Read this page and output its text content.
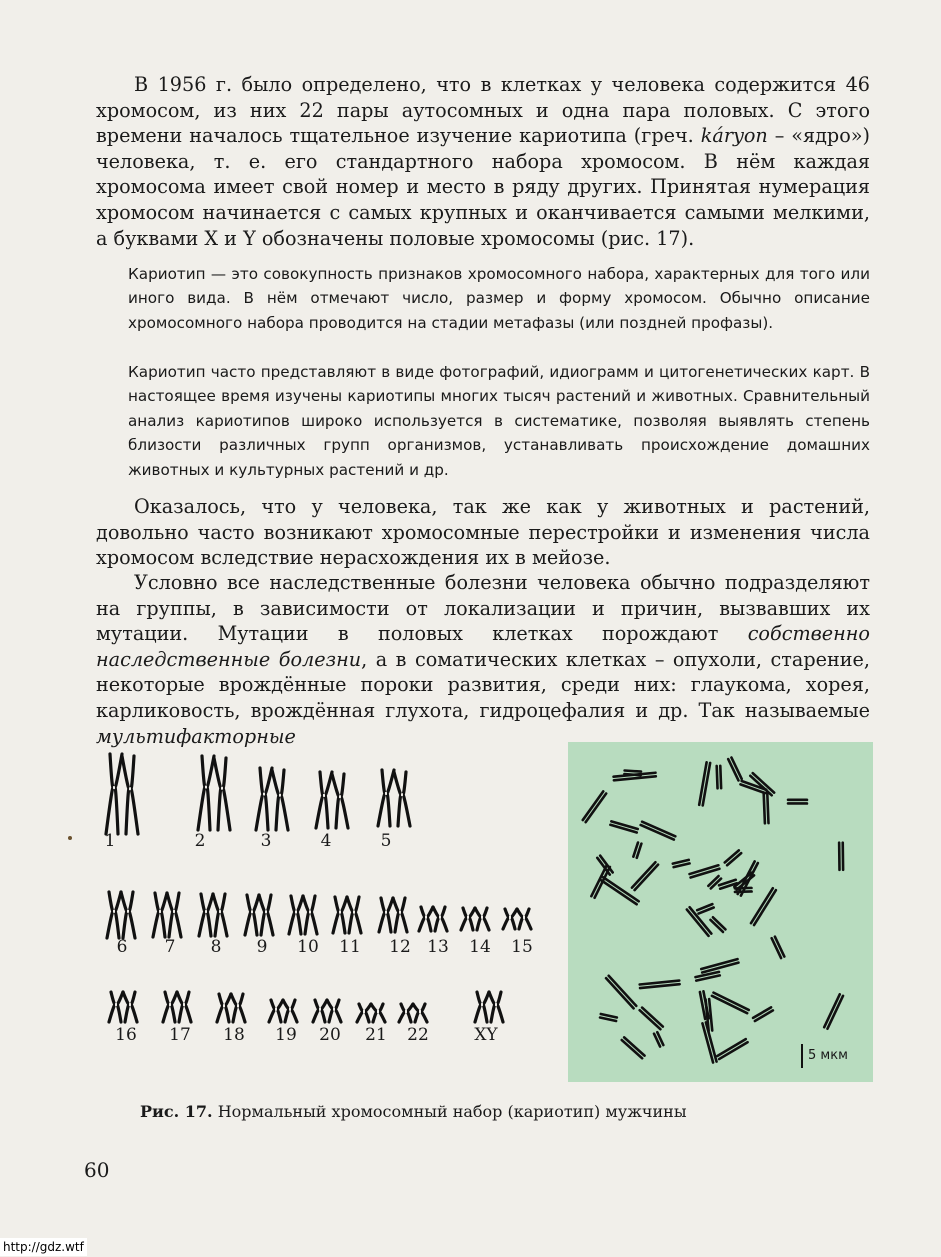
В 1956 г. было определено, что в клетках у человека содержится 46 хромосом, из них 22 пары аутосомных и одна пара половых. С этого времени началось тщательное изучение кариотипа (греч. káryon – «ядро») человека, т. е. его стандартного набора хромосом. В нём каждая хромосома имеет свой номер и место в ряду других. Принятая нумерация хромосом начинается с самых крупных и оканчивается самыми мелкими, а буквами X и Y обозначены половые хромосомы (рис. 17).

Кариотип — это совокупность признаков хромосомного набора, характерных для того или иного вида. В нём отмечают число, размер и форму хромосом. Обычно описание хромосомного набора проводится на стадии метафазы (или поздней профазы).

Кариотип часто представляют в виде фотографий, идиограмм и цитогенетических карт. В настоящее время изучены кариотипы многих тысяч растений и животных. Сравнительный анализ кариотипов широко используется в систематике, позволяя выявлять степень близости различных групп организмов, устанавливать происхождение домашних животных и культурных растений и др.

Оказалось, что у человека, так же как у животных и растений, довольно часто возникают хромосомные перестройки и изменения числа хромосом вследствие нерасхождения их в мейозе.

Условно все наследственные болезни человека обычно подразделяют на группы, в зависимости от локализации и причин, вызвавших их мутации. Мутации в половых клетках порождают собственно наследственные болезни, а в соматических клетках – опухоли, старение, некоторые врождённые пороки развития, среди них: глаукома, хорея, карликовость, врождённая глухота, гидроцефалия и др. Так называемые мультифакторные

1	2	3	4	5
6	7	8	9	10	11	12 13	14	15
16	17	18	19	20	21	22	XY
5 мкм

Рис. 17. Нормальный хромосомный набор (кариотип) мужчины

60

http://gdz.wtf
